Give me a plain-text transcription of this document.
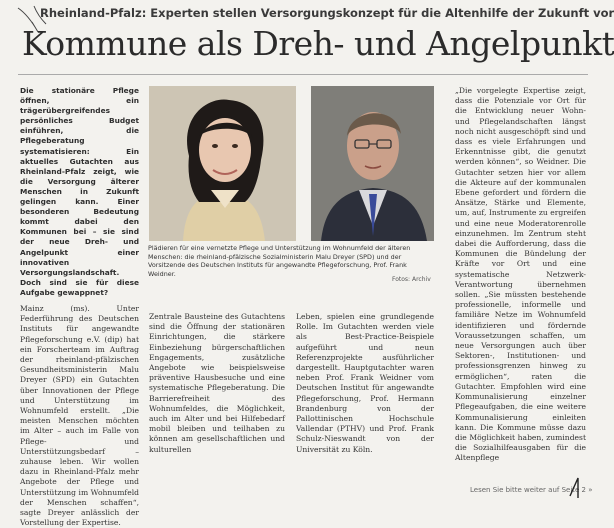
Rheinland-Pfalz: Experten stellen Versorgungskonzept für die Altenhilfe der Zukunft vor
Kommune als Dreh- und Angelpunkt

Die stationäre Pflege öffnen, ein trägerübergreifendes persönliches Budget einführen, die Pflegeberatung systematisieren: Ein aktuelles Gutachten aus Rheinland-Pfalz zeigt, wie die Versorgung älterer Menschen in Zukunft gelingen kann. Einer besonderen Bedeutung kommt dabei den Kommunen bei – sie sind der neue Dreh- und Angelpunkt einer innovativen Versorgungslandschaft. Doch sind sie für diese Aufgabe gewappnet?

Mainz (ms). Unter Federführung des Deutschen Instituts für angewandte Pflegeforschung e.V. (dip) hat ein Forscherteam im Auftrag der rheinland-pfälzischen Gesundheitsministerin Malu Dreyer (SPD) ein Gutachten über Innovationen der Pflege und Unterstützung im Wohnumfeld erstellt. „Die meisten Menschen möchten im Alter – auch im Falle von Pflege- und Unterstützungsbedarf – zuhause leben. Wir wollen dazu in Rheinland-Pfalz mehr Angebote der Pflege und Unterstützung im Wohnumfeld der Menschen schaffen“, sagte Dreyer anlässlich der Vorstellung der Expertise.

Plädieren für eine vernetzte Pflege und Unterstützung im Wohnumfeld der älteren Menschen: die rheinland-pfälzische Sozialministerin Malu Dreyer (SPD) und der Vorsitzende des Deutschen Instituts für angewandte Pflegeforschung, Prof. Frank Weidner.
Fotos: Archiv

Zentrale Bausteine des Gutachtens sind die Öffnung der stationären Einrichtungen, die stärkere Einbeziehung bürgerschaftlichen Engagements, zusätzliche Angebote wie beispielsweise präventive Hausbesuche und eine systematische Pflegeberatung. Die Barrierefreiheit des Wohnumfeldes, die Möglichkeit, auch im Alter und bei Hilfebedarf mobil bleiben und teilhaben zu können am gesellschaftlichen und kulturellen

Leben, spielen eine grundlegende Rolle. Im Gutachten werden viele als Best-Practice-Beispiele aufgeführt und neun Referenzprojekte ausführlicher dargestellt. Hauptgutachter waren neben Prof. Frank Weidner vom Deutschen Institut für angewandte Pflegeforschung, Prof. Hermann Brandenburg von der Pallottinischen Hochschule Vallendar (PTHV) und Prof. Frank Schulz-Nieswandt von der Universität zu Köln.

„Die vorgelegte Expertise zeigt, dass die Potenziale vor Ort für die Entwicklung neuer Wohn- und Pflegelandschaften längst noch nicht ausgeschöpft sind und dass es viele Erfahrungen und Erkenntnisse gibt, die genutzt werden können“, so Weidner. Die Gutachter setzen hier vor allem die Akteure auf der kommunalen Ebene gefordert und fördern die Ansätze, Stärke und Elemente, um, auf, Instrumente zu ergreifen und eine neue Moderatorenrolle einzunehmen. Im Zentrum steht dabei die Aufforderung, dass die Kommunen die Bündelung der Kräfte vor Ort und eine systematische Netzwerk-Verantwortung übernehmen sollen. „Sie müssten bestehende professionelle, informelle und familiäre Netze im Wohnumfeld identifizieren und fördernde Voraussetzungen schaffen, um neue Versorgungen auch über Sektoren-, Institutionen- und professionsgrenzen hinweg zu ermöglichen“, raten die Gutachter. Empfohlen wird eine Kommunalisierung einzelner Pflegeaufgaben, die eine weitere Kommunalisierung einleiten kann. Die Kommune müsse dazu die Möglichkeit haben, zumindest die Sozialhilfeausgaben für die Altenpflege

Lesen Sie bitte weiter auf Seite 2 »
